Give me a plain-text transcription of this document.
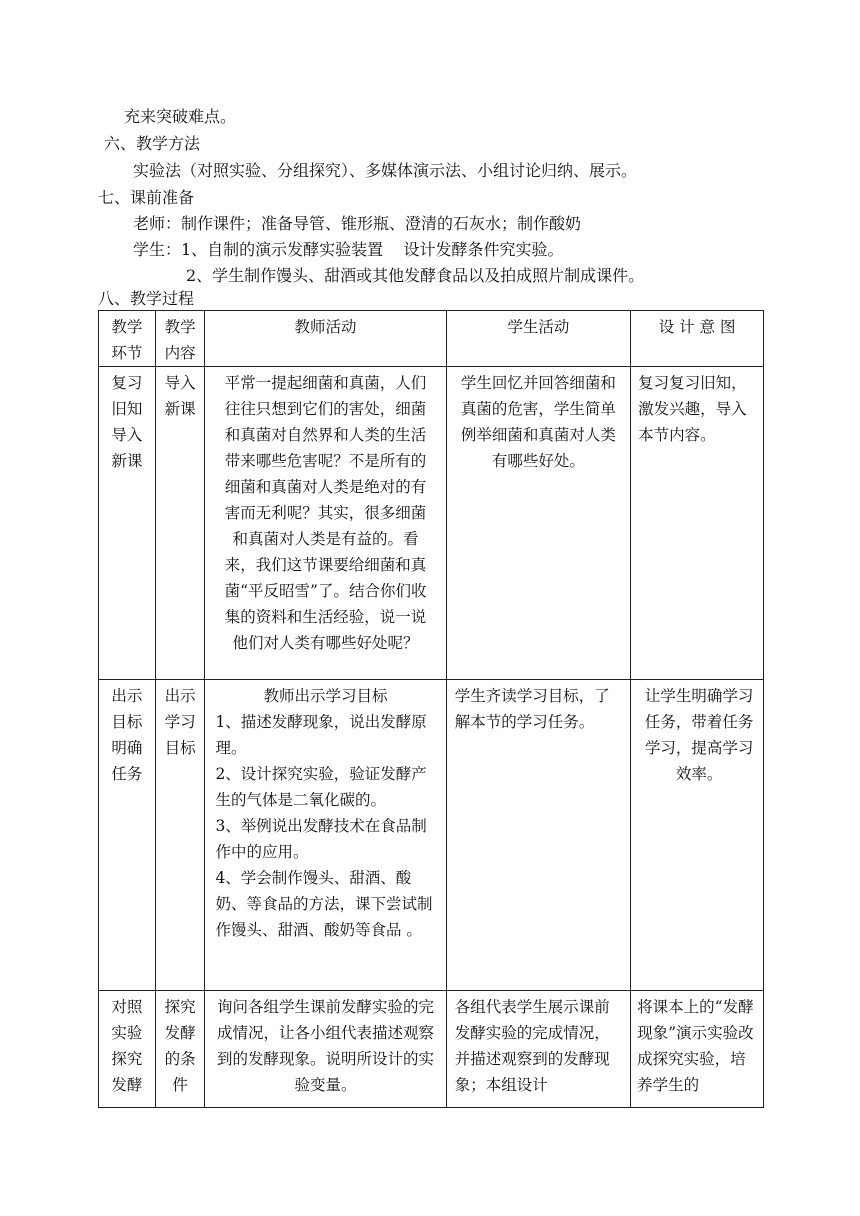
充来突破难点。
六、教学方法
实验法（对照实验、分组探究）、多媒体演示法、小组讨论归纳、展示。
七、课前准备
老师：制作课件；准备导管、锥形瓶、澄清的石灰水；制作酸奶
学生：1、自制的演示发酵实验装置    设计发酵条件究实验。
2、学生制作馒头、甜酒或其他发酵食品以及拍成照片制成课件。
八、教学过程
教学环节	教学内容	教师活动	学生活动	设 计 意 图
复习旧知导入新课	导入新课	平常一提起细菌和真菌，人们往往只想到它们的害处，细菌和真菌对自然界和人类的生活带来哪些危害呢？不是所有的细菌和真菌对人类是绝对的有害而无利呢？其实，很多细菌和真菌对人类是有益的。看来，我们这节课要给细菌和真菌“平反昭雪”了。结合你们收集的资料和生活经验，说一说他们对人类有哪些好处呢？	学生回忆并回答细菌和真菌的危害，学生简单例举细菌和真菌对人类有哪些好处。	复习复习旧知，激发兴趣，导入本节内容。
出示目标明确任务	出示学习目标	教师出示学习目标
1、描述发酵现象，说出发酵原理。
2、设计探究实验，验证发酵产生的气体是二氧化碳的。
3、举例说出发酵技术在食品制作中的应用。
4、学会制作馒头、甜酒、酸奶、等食品的方法，课下尝试制作馒头、甜酒、酸奶等食品 。	学生齐读学习目标，了解本节的学习任务。	让学生明确学习任务，带着任务学习，提高学习效率。
对照实验探究发酵	探究发酵的条件	询问各组学生课前发酵实验的完成情况，让各小组代表描述观察到的发酵现象。说明所设计的实验变量。	各组代表学生展示课前发酵实验的完成情况，并描述观察到的发酵现象；本组设计	将课本上的“发酵现象”演示实验改成探究实验，培养学生的
